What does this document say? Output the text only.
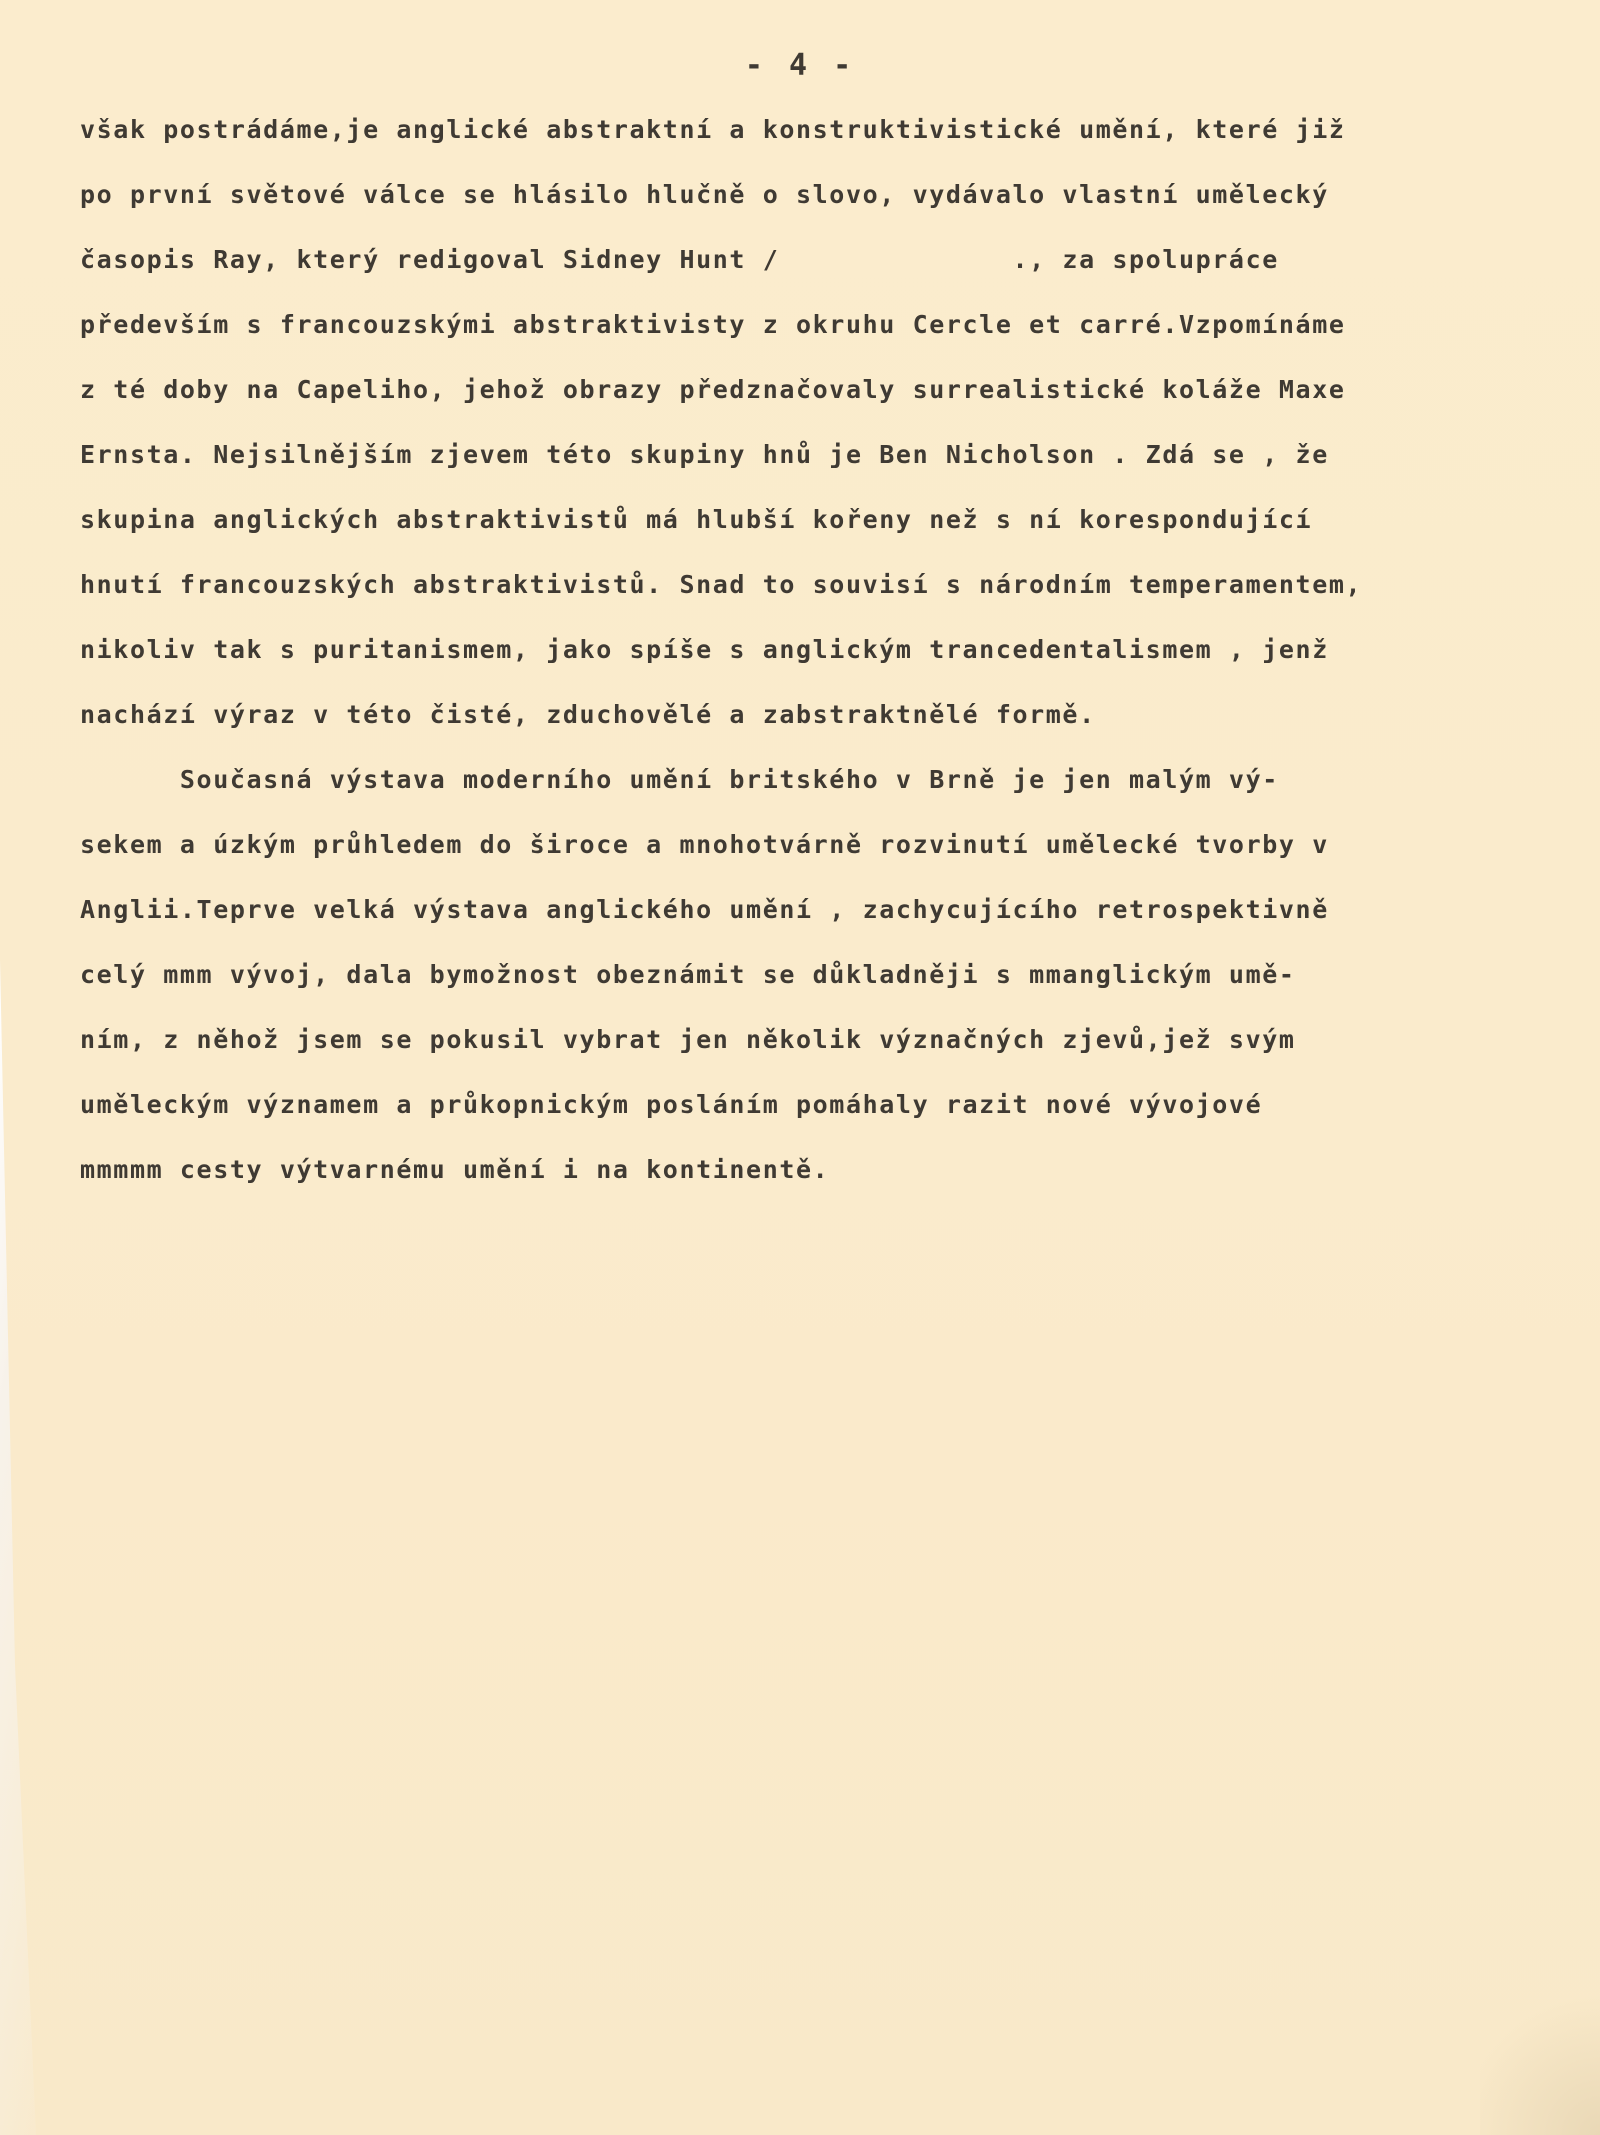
- 4 -
však postrádáme,je anglické abstraktní a konstruktivistické umění, které již
po první světové válce se hlásilo hlučně o slovo, vydávalo vlastní umělecký
časopis Ray, který redigoval Sidney Hunt /              ., za spolupráce
především s francouzskými abstraktivisty z okruhu Cercle et carré.Vzpomínáme
z té doby na Capeliho, jehož obrazy předznačovaly surrealistické koláže Maxe
Ernsta. Nejsilnějším zjevem této skupiny hnů je Ben Nicholson . Zdá se , že
skupina anglických abstraktivistů má hlubší kořeny než s ní korespondující
hnutí francouzských abstraktivistů. Snad to souvisí s národním temperamentem,
nikoliv tak s puritanismem, jako spíše s anglickým trancedentalismem , jenž
nachází výraz v této čisté, zduchovělé a zabstraktnělé formě.
Současná výstava moderního umění britského v Brně je jen malým vý-
sekem a úzkým průhledem do široce a mnohotvárně rozvinutí umělecké tvorby v
Anglii.Teprve velká výstava anglického umění , zachycujícího retrospektivně
celý mmm vývoj, dala bymožnost obeznámit se důkladněji s mmanglickým umě-
ním, z něhož jsem se pokusil vybrat jen několik význačných zjevů,jež svým
uměleckým významem a průkopnickým posláním pomáhaly razit nové vývojové
mmmmm cesty výtvarnému umění i na kontinentě.
